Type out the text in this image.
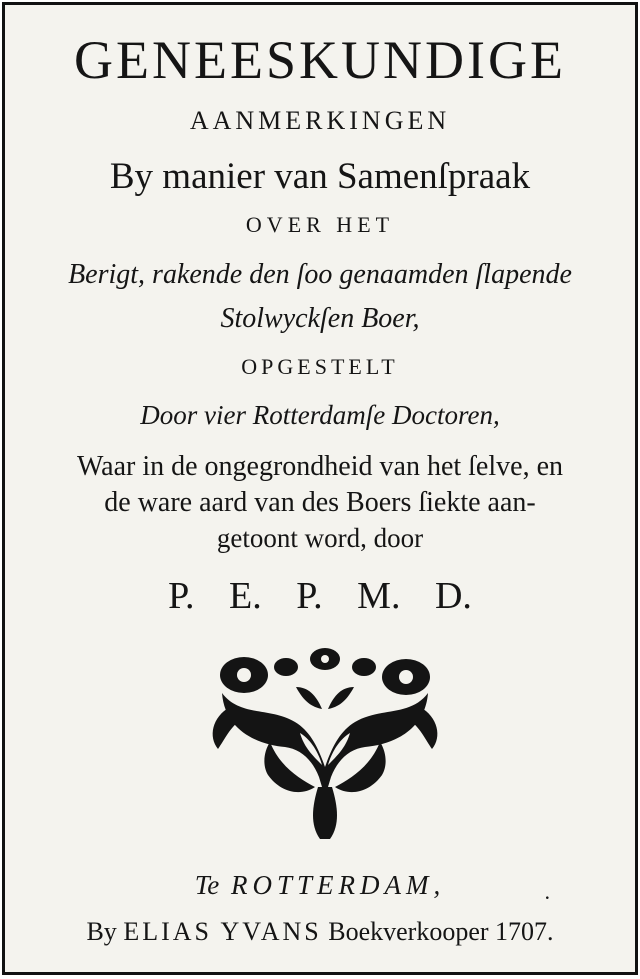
GENEESKUNDIGE
AANMERKINGEN
By manier van Samenſpraak
OVER HET
Berigt, rakende den ſoo genaamden ſlapende
Stolwyckſen Boer,
OPGESTELT
Door vier Rotterdamſe Doctoren,
Waar in de ongegrondheid van het ſelve, en
de ware aard van des Boers ſiekte aan-
getoont word, door
P.   E.   P.   M.   D.
Te ROTTERDAM,	·
By ELIAS YVANS Boekverkooper 1707.
